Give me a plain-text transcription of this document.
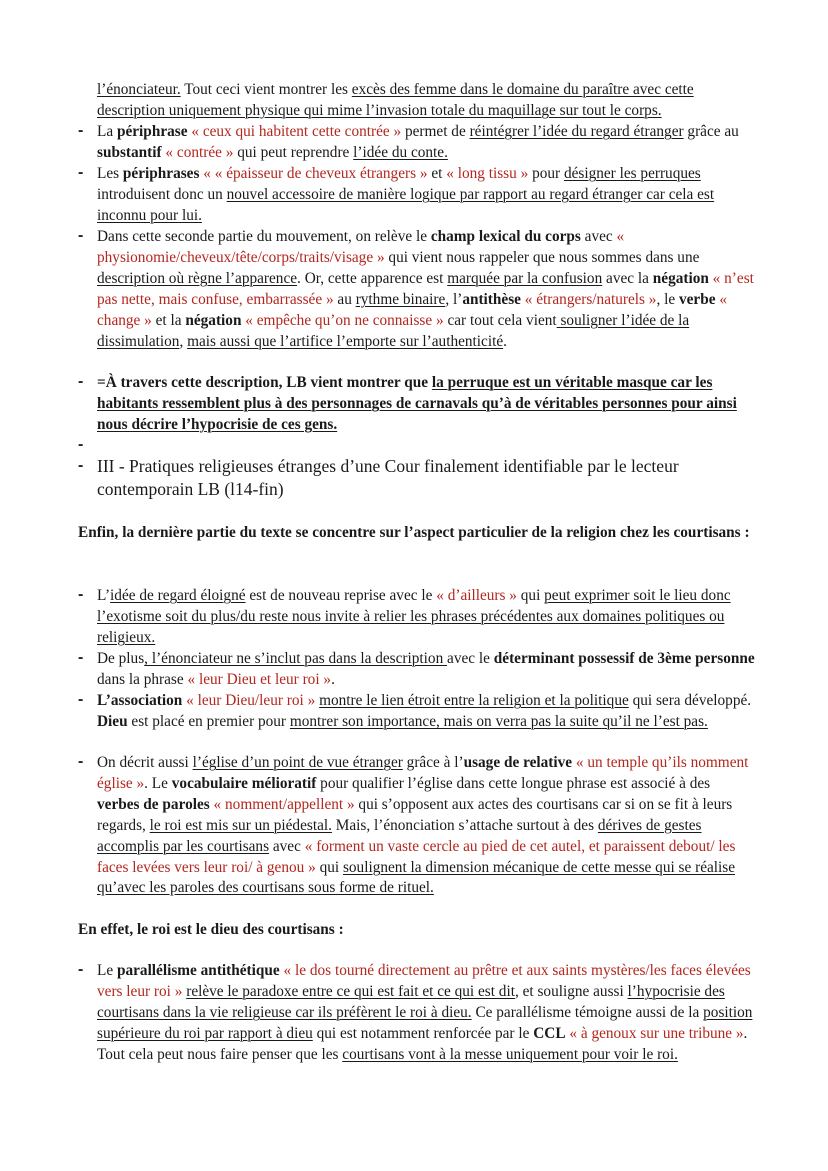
l’énonciateur. Tout ceci vient montrer les excès des femme dans le domaine du paraître avec cette description uniquement physique qui mime l’invasion totale du maquillage sur tout le corps.
- La périphrase « ceux qui habitent cette contrée » permet de réintégrer l’idée du regard étranger grâce au substantif « contrée » qui peut reprendre l’idée du conte.
- Les périphrases « « épaisseur de cheveux étrangers » et « long tissu » pour désigner les perruques introduisent donc un nouvel accessoire de manière logique par rapport au regard étranger car cela est inconnu pour lui.
- Dans cette seconde partie du mouvement, on relève le champ lexical du corps avec « physionomie/cheveux/tête/corps/traits/visage » qui vient nous rappeler que nous sommes dans une description où règne l’apparence. Or, cette apparence est marquée par la confusion avec la négation « n’est pas nette, mais confuse, embarrassée » au rythme binaire, l’antithèse « étrangers/naturels », le verbe « change » et la négation « empêche qu’on ne connaisse » car tout cela vient souligner l’idée de la dissimulation, mais aussi que l’artifice l’emporte sur l’authenticité.
- =À travers cette description, LB vient montrer que la perruque est un véritable masque car les habitants ressemblent plus à des personnages de carnavals qu’à de véritables personnes pour ainsi nous décrire l’hypocrisie de ces gens.
-
- III - Pratiques religieuses étranges d’une Cour finalement identifiable par le lecteur contemporain LB (l14-fin)
Enfin, la dernière partie du texte se concentre sur l’aspect particulier de la religion chez les courtisans :
- L’idée de regard éloigné est de nouveau reprise avec le « d’ailleurs » qui peut exprimer soit le lieu donc l’exotisme soit du plus/du reste nous invite à relier les phrases précédentes aux domaines politiques ou religieux.
- De plus, l’énonciateur ne s’inclut pas dans la description avec le déterminant possessif de 3ème personne dans la phrase « leur Dieu et leur roi ».
- L’association « leur Dieu/leur roi » montre le lien étroit entre la religion et la politique qui sera développé. Dieu est placé en premier pour montrer son importance, mais on verra pas la suite qu’il ne l’est pas.
- On décrit aussi l’église d’un point de vue étranger grâce à l’usage de relative « un temple qu’ils nomment église ». Le vocabulaire mélioratif pour qualifier l’église dans cette longue phrase est associé à des verbes de paroles « nomment/appellent » qui s’opposent aux actes des courtisans car si on se fit à leurs regards, le roi est mis sur un piédestal. Mais, l’énonciation s’attache surtout à des dérives de gestes accomplis par les courtisans avec « forment un vaste cercle au pied de cet autel, et paraissent debout/ les faces levées vers leur roi/ à genou » qui soulignent la dimension mécanique de cette messe qui se réalise qu’avec les paroles des courtisans sous forme de rituel.
En effet, le roi est le dieu des courtisans :
- Le parallélisme antithétique « le dos tourné directement au prêtre et aux saints mystères/les faces élevées vers leur roi » relève le paradoxe entre ce qui est fait et ce qui est dit, et souligne aussi l’hypocrisie des courtisans dans la vie religieuse car ils préfèrent le roi à dieu. Ce parallélisme témoigne aussi de la position supérieure du roi par rapport à dieu qui est notamment renforcée par le CCL « à genoux sur une tribune ». Tout cela peut nous faire penser que les courtisans vont à la messe uniquement pour voir le roi.
